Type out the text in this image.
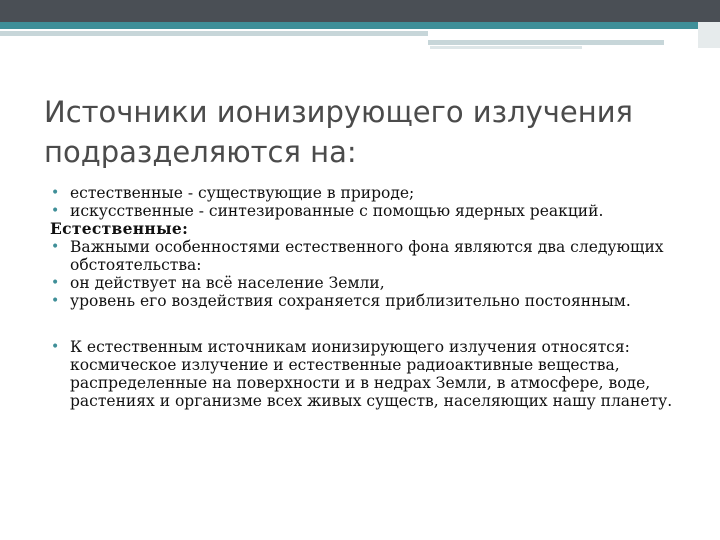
Источники ионизирующего излучения подразделяются на:

• естественные - существующие в природе;

• искусственные - синтезированные с помощью ядерных реакций.

Естественные:

• Важными особенностями естественного фона являются два следующих обстоятельства:

• он действует на всё население Земли,

• уровень его воздействия сохраняется приблизительно постоянным.

• К естественным источникам ионизирующего излучения относятся: космическое излучение и естественные радиоактивные вещества, распределенные на поверхности и в недрах Земли, в атмосфере, воде, растениях и организме всех живых существ, населяющих нашу планету.
